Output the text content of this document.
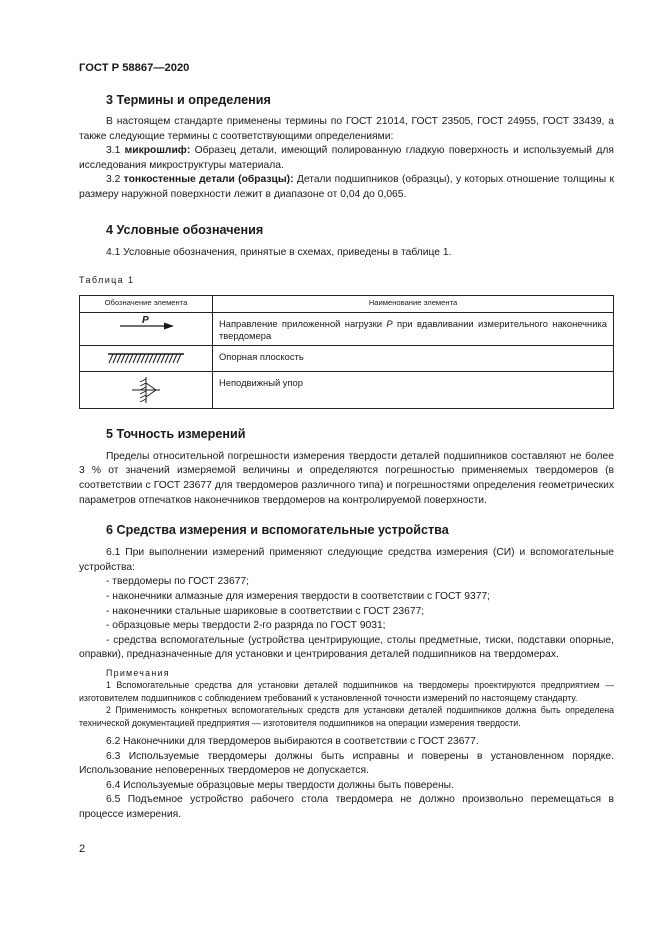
ГОСТ Р 58867—2020
3 Термины и определения

В настоящем стандарте применены термины по ГОСТ 21014, ГОСТ 23505, ГОСТ 24955, ГОСТ 33439, а также следующие термины с соответствующими определениями:

3.1 микрошлиф: Образец детали, имеющий полированную гладкую поверхность и используемый для исследования микроструктуры материала.

3.2 тонкостенные детали (образцы): Детали подшипников (образцы), у которых отношение толщины к размеру наружной поверхности лежит в диапазоне от 0,04 до 0,065.

4 Условные обозначения

4.1 Условные обозначения, принятые в схемах, приведены в таблице 1.

Таблица 1
Обозначение элемента	Наименование элемента

P	Направление приложенной нагрузки P при вдавливании измерительного наконечника твердомера

	Опорная плоскость

	Неподвижный упор
5 Точность измерений

Пределы относительной погрешности измерения твердости деталей подшипников составляют не более 3 % от значений измеряемой величины и определяются погрешностью применяемых твердомеров (в соответствии с ГОСТ 23677 для твердомеров различного типа) и погрешностями определения геометрических параметров отпечатков наконечников твердомеров на контролируемой поверхности.

6 Средства измерения и вспомогательные устройства

6.1 При выполнении измерений применяют следующие средства измерения (СИ) и вспомогательные устройства:

- твердомеры по ГОСТ 23677;

- наконечники алмазные для измерения твердости в соответствии с ГОСТ 9377;

- наконечники стальные шариковые в соответствии с ГОСТ 23677;

- образцовые меры твердости 2-го разряда по ГОСТ 9031;

- средства вспомогательные (устройства центрирующие, столы предметные, тиски, подставки опорные, оправки), предназначенные для установки и центрирования деталей подшипников на твердомерах.

Примечания

1 Вспомогательные средства для установки деталей подшипников на твердомеры проектируются предприятием — изготовителем подшипников с соблюдением требований к установленной точности измерений по настоящему стандарту.

2 Применимость конкретных вспомогательных средств для установки деталей подшипников должна быть определена технической документацией предприятия — изготовителя подшипников на операции измерения твердости.

6.2 Наконечники для твердомеров выбираются в соответствии с ГОСТ 23677.

6.3 Используемые твердомеры должны быть исправны и поверены в установленном порядке. Использование неповеренных твердомеров не допускается.

6.4 Используемые образцовые меры твердости должны быть поверены.

6.5 Подъемное устройство рабочего стола твердомера не должно произвольно перемещаться в процессе измерения.

2
